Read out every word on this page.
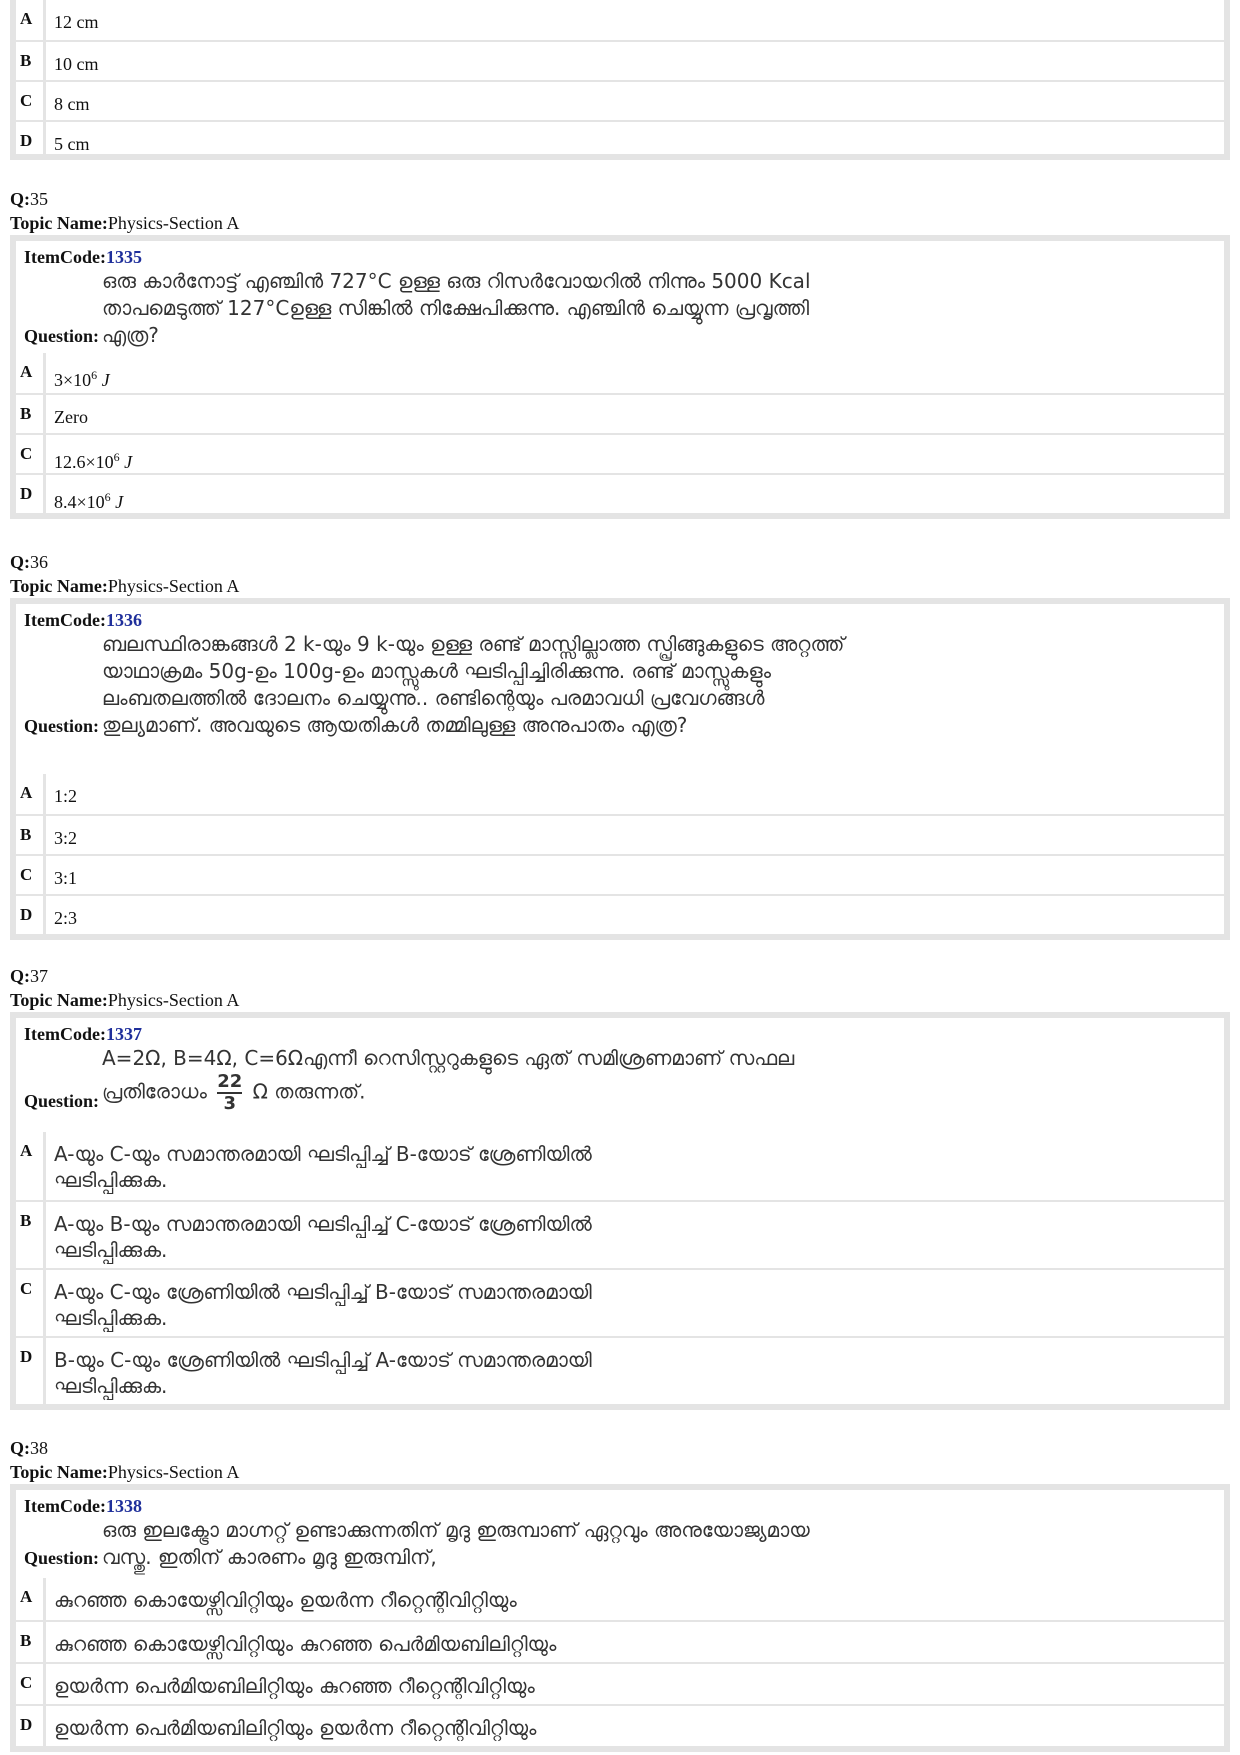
A	12 cm
B	10 cm
C	8 cm
D	5 cm
Q:35
Topic Name:Physics-Section A
ItemCode:1335
Question:
ഒരു കാർനോട്ട് എഞ്ചിൻ 727°C ഉള്ള ഒരു റിസർവോയറിൽ നിന്നും 5000 Kcal താപമെടുത്ത് 127°Cഉള്ള സിങ്കിൽ നിക്ഷേപിക്കുന്നു. എഞ്ചിൻ ചെയ്യുന്ന പ്രവൃത്തി എത്ര?
A	$3\times 10^6$ J
B	Zero
C	$12.6\times 10^6$ J
D	$8.4\times 10^6$ J
Q:36
Topic Name:Physics-Section A
ItemCode:1336
Question:
ബലസ്ഥിരാങ്കങ്ങൾ 2 k-യും 9 k-യും ഉള്ള രണ്ട് മാസ്സില്ലാത്ത സ്പ്രിങ്ങുകളുടെ അറ്റത്ത് യാഥാക്രമം 50g-ഉം 100g-ഉം മാസ്സുകൾ ഘടിപ്പിച്ചിരിക്കുന്നു. രണ്ട് മാസ്സുകളും ലംബതലത്തിൽ ദോലനം ചെയ്യുന്നു.. രണ്ടിന്റെയും പരമാവധി പ്രവേഗങ്ങൾ തുല്യമാണ്. അവയുടെ ആയതികൾ തമ്മിലുള്ള അനുപാതം എത്ര?
A	1:2
B	3:2
C	3:1
D	2:3
Q:37
Topic Name:Physics-Section A
ItemCode:1337
Question:
A=2Ω, B=4Ω, C=6Ωഎന്നീ റെസിസ്റ്ററുകളുടെ ഏത് സമിശ്രണമാണ് സഫല പ്രതിരോധം $\frac{22}{3}$ Ω തരുന്നത്.
A	A-യും C-യും സമാന്തരമായി ഘടിപ്പിച്ച് B-യോട് ശ്രേണിയിൽ ഘടിപ്പിക്കുക.
B	A-യും B-യും സമാന്തരമായി ഘടിപ്പിച്ച് C-യോട് ശ്രേണിയിൽ ഘടിപ്പിക്കുക.
C	A-യും C-യും ശ്രേണിയിൽ ഘടിപ്പിച്ച് B-യോട് സമാന്തരമായി ഘടിപ്പിക്കുക.
D	B-യും C-യും ശ്രേണിയിൽ ഘടിപ്പിച്ച് A-യോട് സമാന്തരമായി ഘടിപ്പിക്കുക.
Q:38
Topic Name:Physics-Section A
ItemCode:1338
Question:
ഒരു ഇലക്ട്രോ മാഗ്നറ്റ് ഉണ്ടാക്കുന്നതിന് മൃദു ഇരുമ്പാണ് ഏറ്റവും അനുയോജ്യമായ വസ്തു. ഇതിന് കാരണം മൃദു ഇരുമ്പിന്,
A	കുറഞ്ഞ കൊയേഴ്സിവിറ്റിയും ഉയർന്ന റീറ്റെന്റിവിറ്റിയും
B	കുറഞ്ഞ കൊയേഴ്സിവിറ്റിയും കുറഞ്ഞ പെർമിയബിലിറ്റിയും
C	ഉയർന്ന പെർമിയബിലിറ്റിയും കുറഞ്ഞ റീറ്റെന്റിവിറ്റിയും
D	ഉയർന്ന പെർമിയബിലിറ്റിയും ഉയർന്ന റീറ്റെന്റിവിറ്റിയും
